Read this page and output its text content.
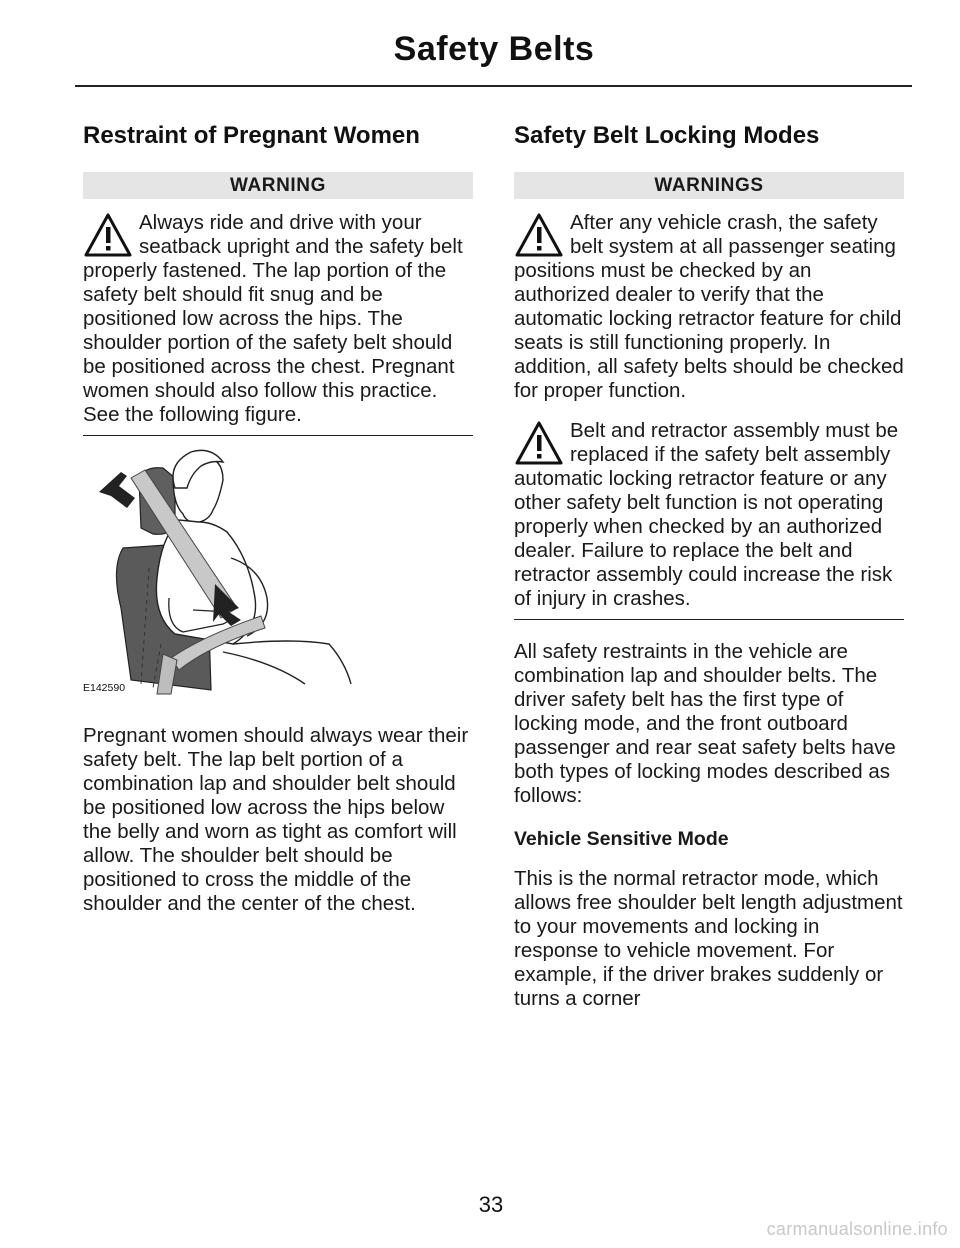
Safety Belts
Restraint of Pregnant Women
WARNING

Always ride and drive with your seatback upright and the safety belt properly fastened. The lap portion of the safety belt should fit snug and be positioned low across the hips. The shoulder portion of the safety belt should be positioned across the chest. Pregnant women should also follow this practice. See the following figure.

E142590

Pregnant women should always wear their safety belt. The lap belt portion of a combination lap and shoulder belt should be positioned low across the hips below the belly and worn as tight as comfort will allow. The shoulder belt should be positioned to cross the middle of the shoulder and the center of the chest.

Safety Belt Locking Modes
WARNINGS

After any vehicle crash, the safety belt system at all passenger seating positions must be checked by an authorized dealer to verify that the automatic locking retractor feature for child seats is still functioning properly. In addition, all safety belts should be checked for proper function.

Belt and retractor assembly must be replaced if the safety belt assembly automatic locking retractor feature or any other safety belt function is not operating properly when checked by an authorized dealer. Failure to replace the belt and retractor assembly could increase the risk of injury in crashes.

All safety restraints in the vehicle are combination lap and shoulder belts. The driver safety belt has the first type of locking mode, and the front outboard passenger and rear seat safety belts have both types of locking modes described as follows:

Vehicle Sensitive Mode

This is the normal retractor mode, which allows free shoulder belt length adjustment to your movements and locking in response to vehicle movement. For example, if the driver brakes suddenly or turns a corner

33
carmanualsonline.info
